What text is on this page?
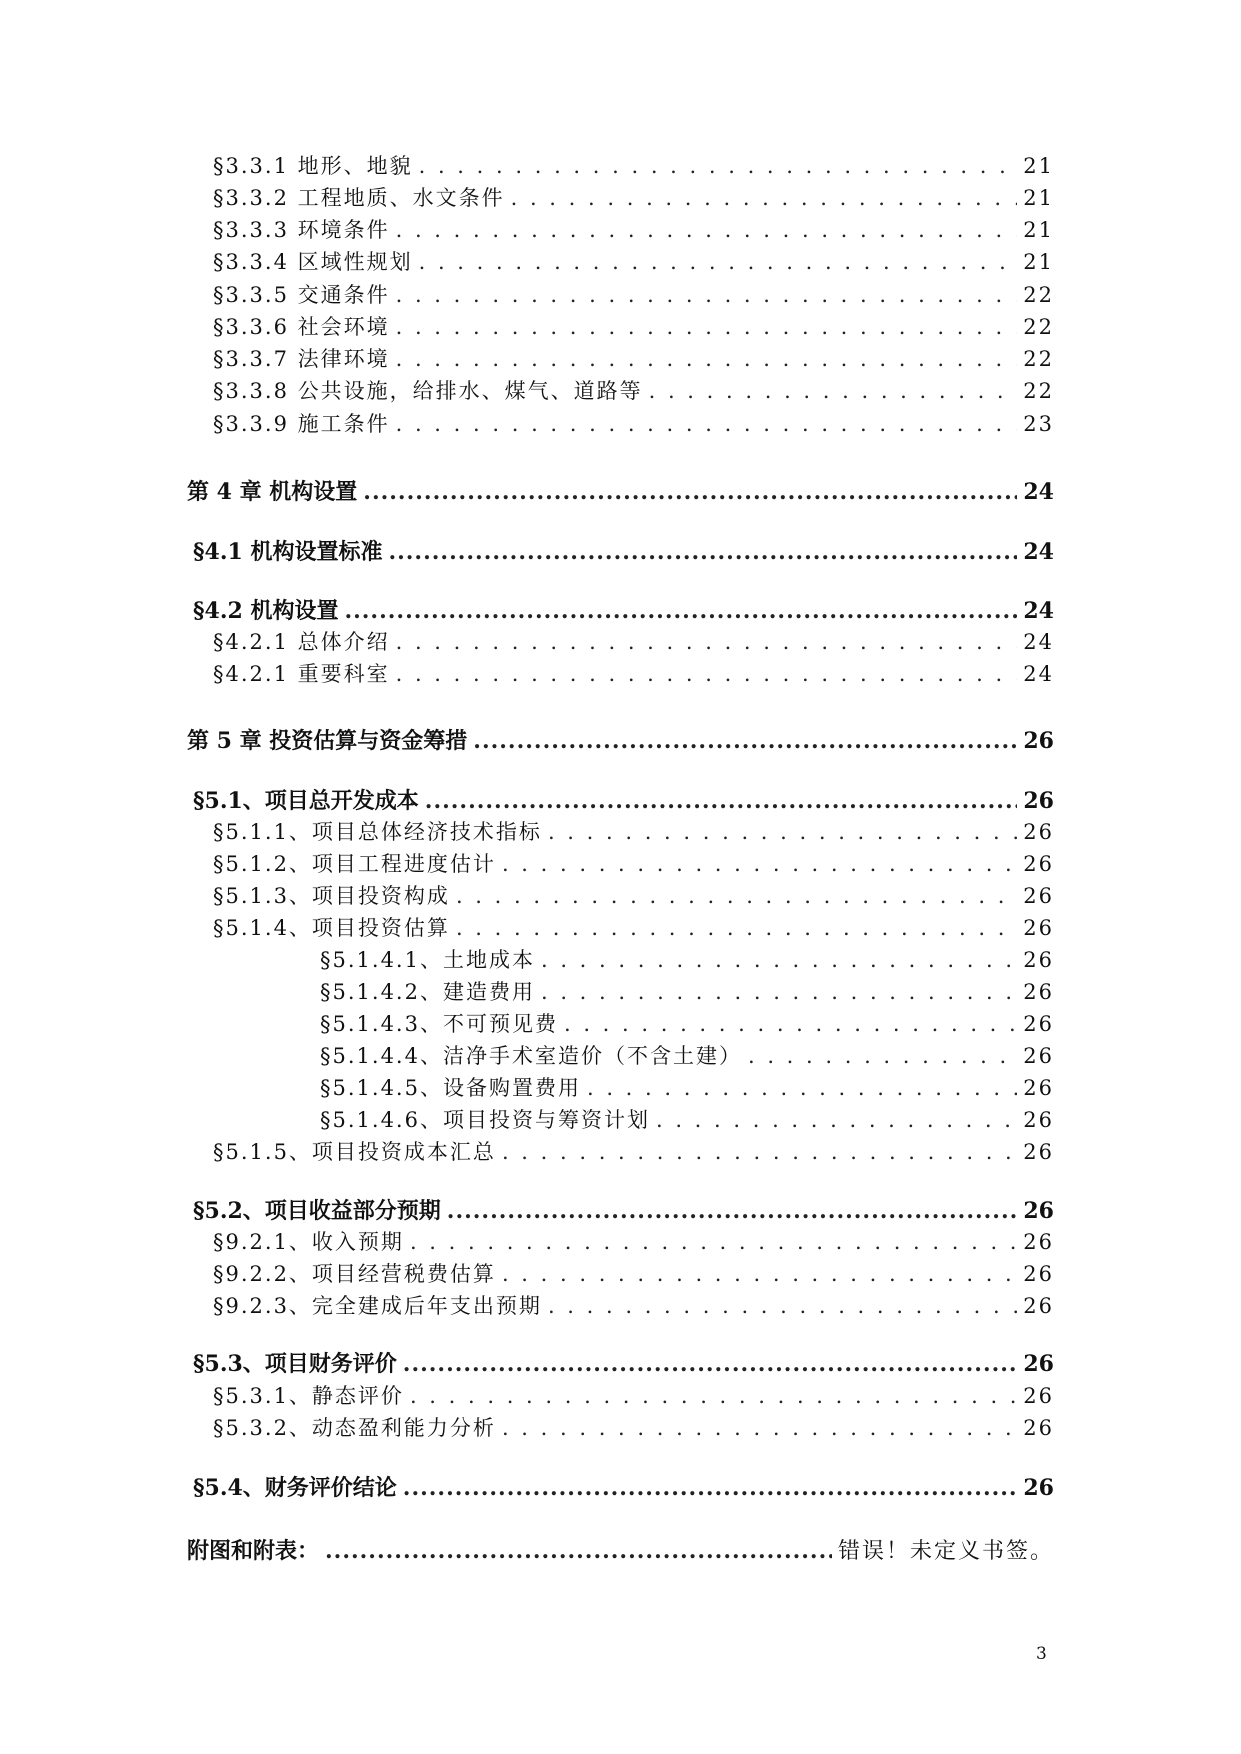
§3.3.1 地形、地貌 . . .	21
§3.3.2 工程地质、水文条件 . . .	21
§3.3.3 环境条件 . . .	21
§3.3.4 区域性规划 . . .	21
§3.3.5 交通条件 . . .	22
§3.3.6 社会环境 . . .	22
§3.3.7 法律环境 . . .	22
§3.3.8 公共设施，给排水、煤气、道路等 . . .	22
§3.3.9 施工条件 . . .	23
第 4 章 机构设置 .....	24
§4.1 机构设置标准 .....	24
§4.2 机构设置 .....	24
§4.2.1 总体介绍 . . .	24
§4.2.1 重要科室 . . .	24
第 5 章 投资估算与资金筹措 .....	26
§5.1、项目总开发成本 .....	26
§5.1.1、项目总体经济技术指标 . . .	26
§5.1.2、项目工程进度估计 . . .	26
§5.1.3、项目投资构成 . . .	26
§5.1.4、项目投资估算 . . .	26
§5.1.4.1、土地成本 . . .	26
§5.1.4.2、建造费用 . . .	26
§5.1.4.3、不可预见费 . . .	26
§5.1.4.4、洁净手术室造价（不含土建） . . .	26
§5.1.4.5、设备购置费用 . . .	26
§5.1.4.6、项目投资与筹资计划 . . .	26
§5.1.5、项目投资成本汇总 . . .	26
§5.2、项目收益部分预期 .....	26
§9.2.1、收入预期 . . .	26
§9.2.2、项目经营税费估算 . . .	26
§9.2.3、完全建成后年支出预期 . . .	26
§5.3、项目财务评价 .....	26
§5.3.1、静态评价 . . .	26
§5.3.2、动态盈利能力分析 . . .	26
§5.4、财务评价结论 .....	26
附图和附表： .....	错误！未定义书签。
3
